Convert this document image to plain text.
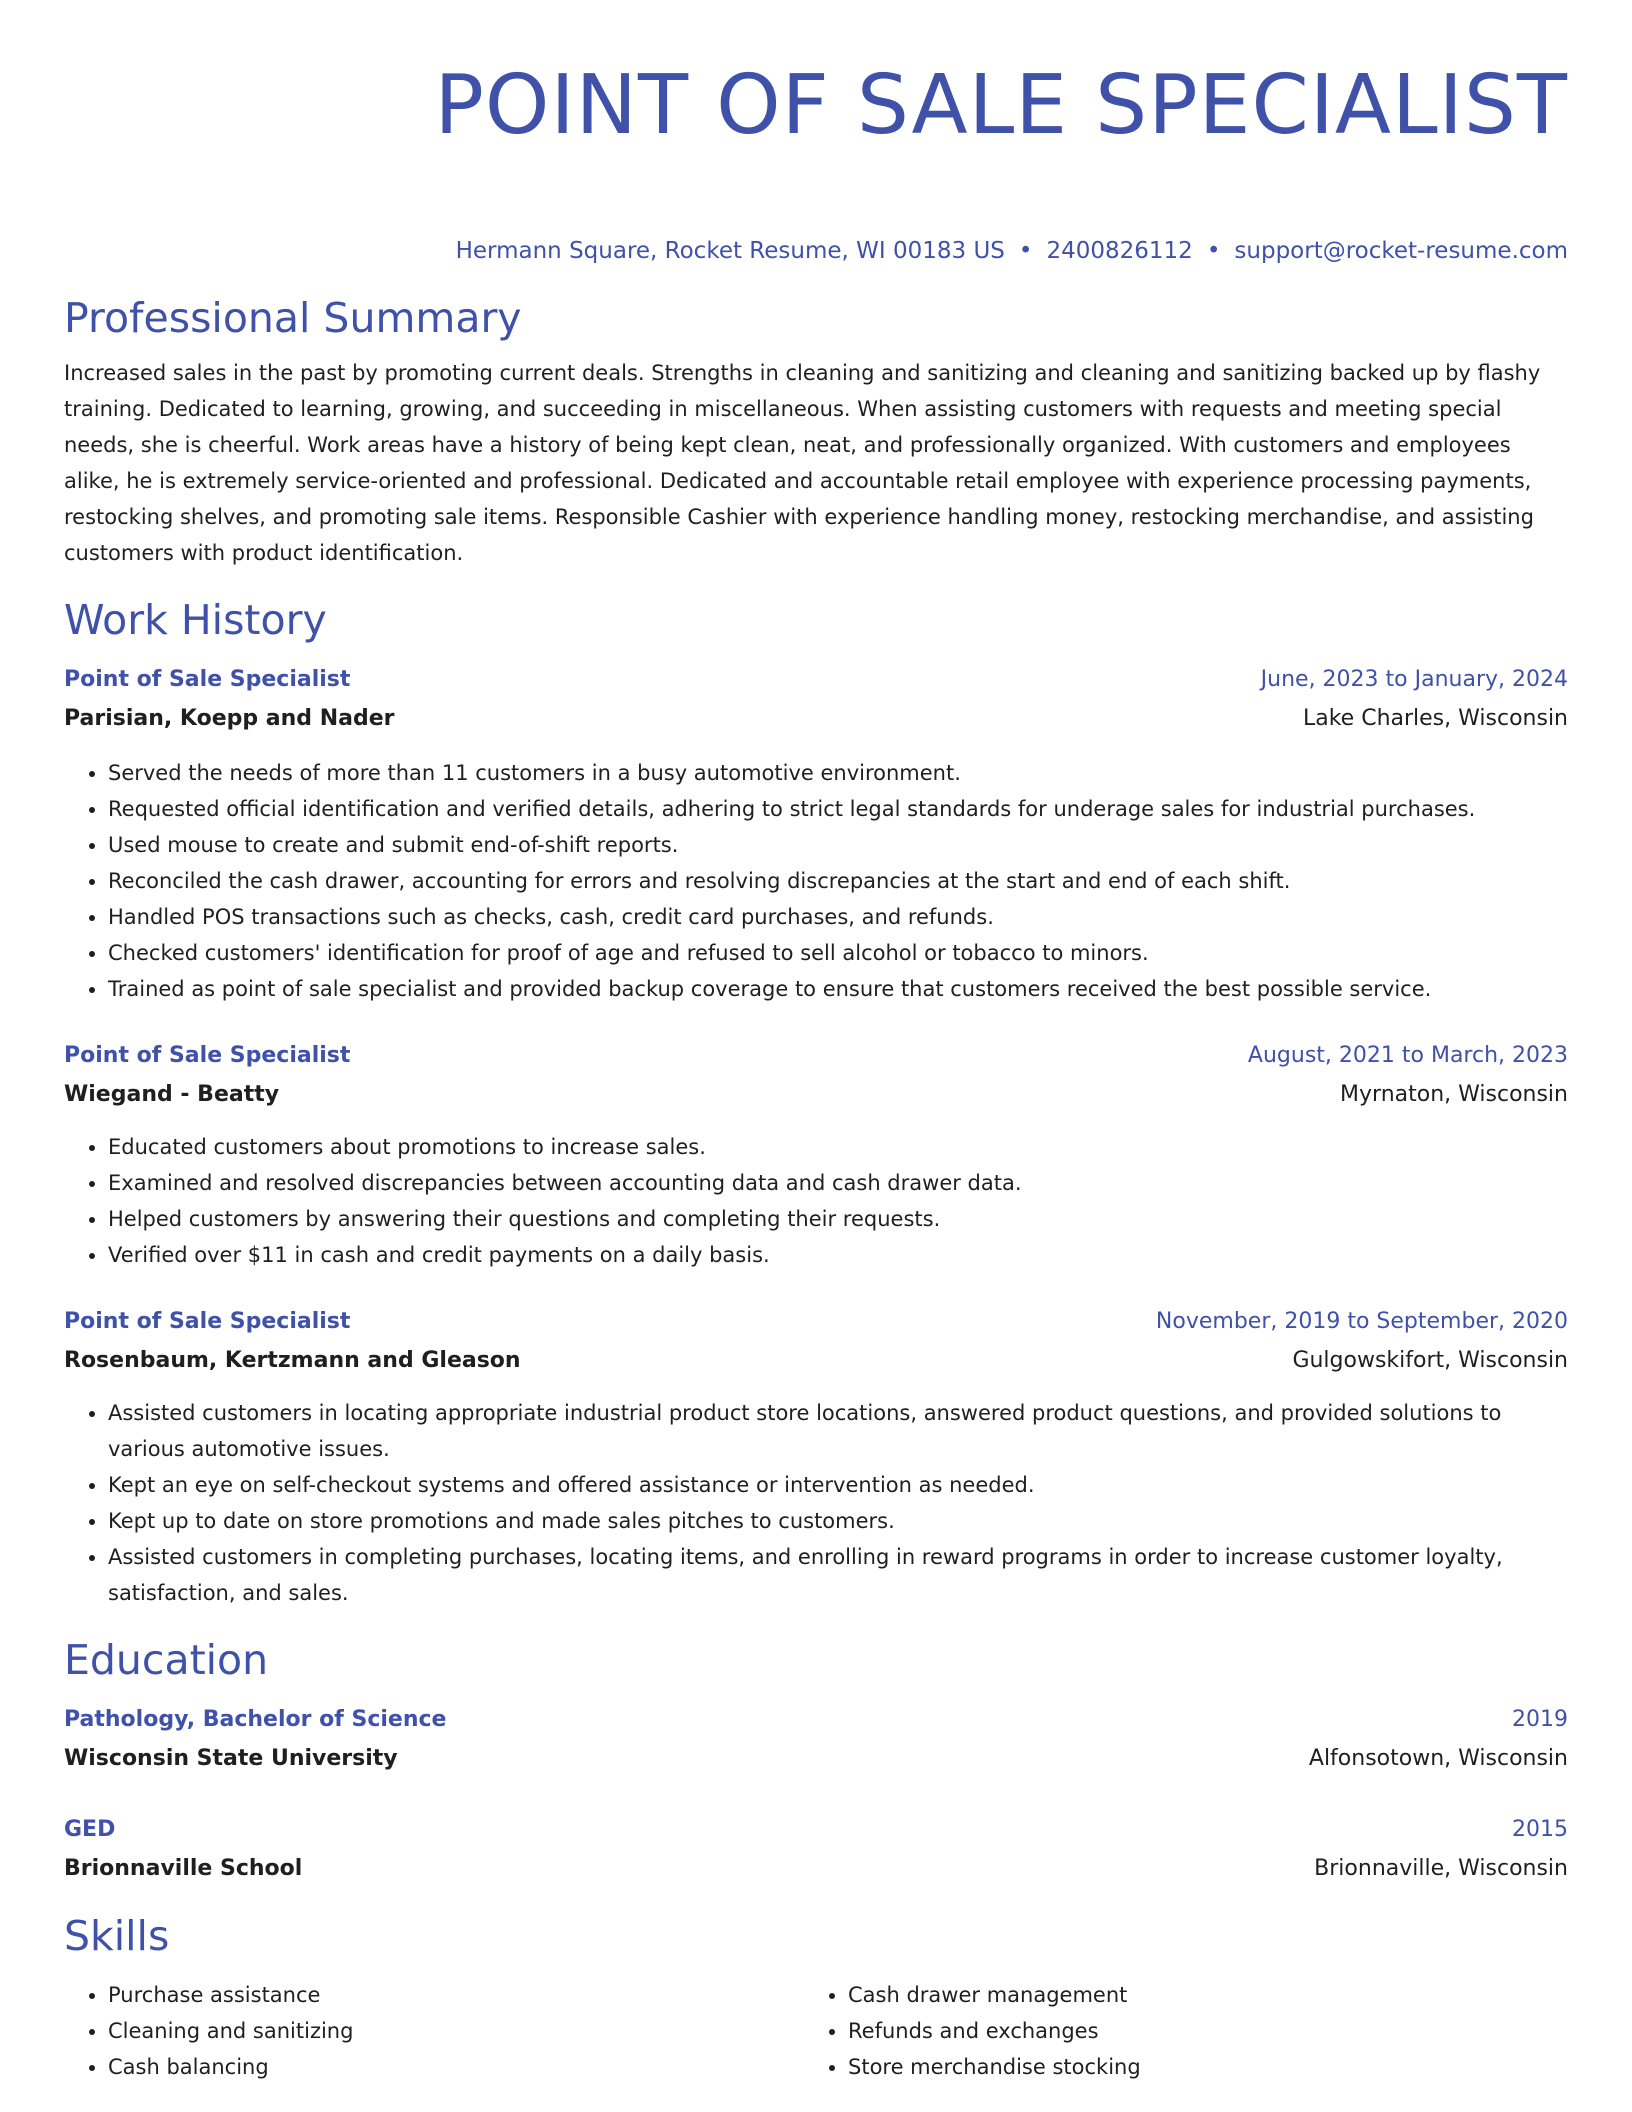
POINT OF SALE SPECIALIST
Hermann Square, Rocket Resume, WI 00183 US • 2400826112 • support@rocket-resume.com
Professional Summary

Increased sales in the past by promoting current deals. Strengths in cleaning and sanitizing and cleaning and sanitizing backed up by flashy training. Dedicated to learning, growing, and succeeding in miscellaneous. When assisting customers with requests and meeting special needs, she is cheerful. Work areas have a history of being kept clean, neat, and professionally organized. With customers and employees alike, he is extremely service-oriented and professional. Dedicated and accountable retail employee with experience processing payments, restocking shelves, and promoting sale items. Responsible Cashier with experience handling money, restocking merchandise, and assisting customers with product identification.

Work History
Point of Sale Specialist	June, 2023 to January, 2024
Parisian, Koepp and Nader	Lake Charles, Wisconsin
• Served the needs of more than 11 customers in a busy automotive environment.
• Requested official identification and verified details, adhering to strict legal standards for underage sales for industrial purchases.
• Used mouse to create and submit end-of-shift reports.
• Reconciled the cash drawer, accounting for errors and resolving discrepancies at the start and end of each shift.
• Handled POS transactions such as checks, cash, credit card purchases, and refunds.
• Checked customers' identification for proof of age and refused to sell alcohol or tobacco to minors.
• Trained as point of sale specialist and provided backup coverage to ensure that customers received the best possible service.
Point of Sale Specialist	August, 2021 to March, 2023
Wiegand - Beatty	Myrnaton, Wisconsin
• Educated customers about promotions to increase sales.
• Examined and resolved discrepancies between accounting data and cash drawer data.
• Helped customers by answering their questions and completing their requests.
• Verified over $11 in cash and credit payments on a daily basis.
Point of Sale Specialist	November, 2019 to September, 2020
Rosenbaum, Kertzmann and Gleason	Gulgowskifort, Wisconsin
• Assisted customers in locating appropriate industrial product store locations, answered product questions, and provided solutions to various automotive issues.
• Kept an eye on self-checkout systems and offered assistance or intervention as needed.
• Kept up to date on store promotions and made sales pitches to customers.
• Assisted customers in completing purchases, locating items, and enrolling in reward programs in order to increase customer loyalty, satisfaction, and sales.
Education
Pathology, Bachelor of Science	2019
Wisconsin State University	Alfonsotown, Wisconsin
GED	2015
Brionnaville School	Brionnaville, Wisconsin
Skills
• Purchase assistance
• Cleaning and sanitizing
• Cash balancing
• Cash drawer management
• Refunds and exchanges
• Store merchandise stocking
